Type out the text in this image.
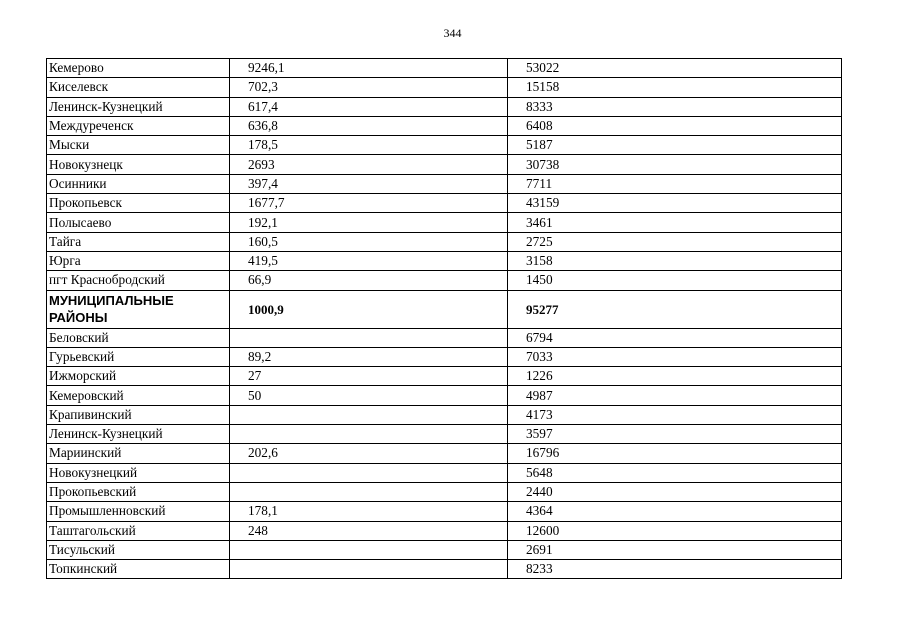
344
Кемерово	9246,1	53022
Киселевск	702,3	15158
Ленинск-Кузнецкий	617,4	8333
Междуреченск	636,8	6408
Мыски	178,5	5187
Новокузнецк	2693	30738
Осинники	397,4	7711
Прокопьевск	1677,7	43159
Полысаево	192,1	3461
Тайга	160,5	2725
Юрга	419,5	3158
пгт Краснобродский	66,9	1450
МУНИЦИПАЛЬНЫЕ РАЙОНЫ	1000,9	95277
Беловский		6794
Гурьевский	89,2	7033
Ижморский	27	1226
Кемеровский	50	4987
Крапивинский		4173
Ленинск-Кузнецкий		3597
Мариинский	202,6	16796
Новокузнецкий		5648
Прокопьевский		2440
Промышленновский	178,1	4364
Таштагольский	248	12600
Тисульский		2691
Топкинский		8233
